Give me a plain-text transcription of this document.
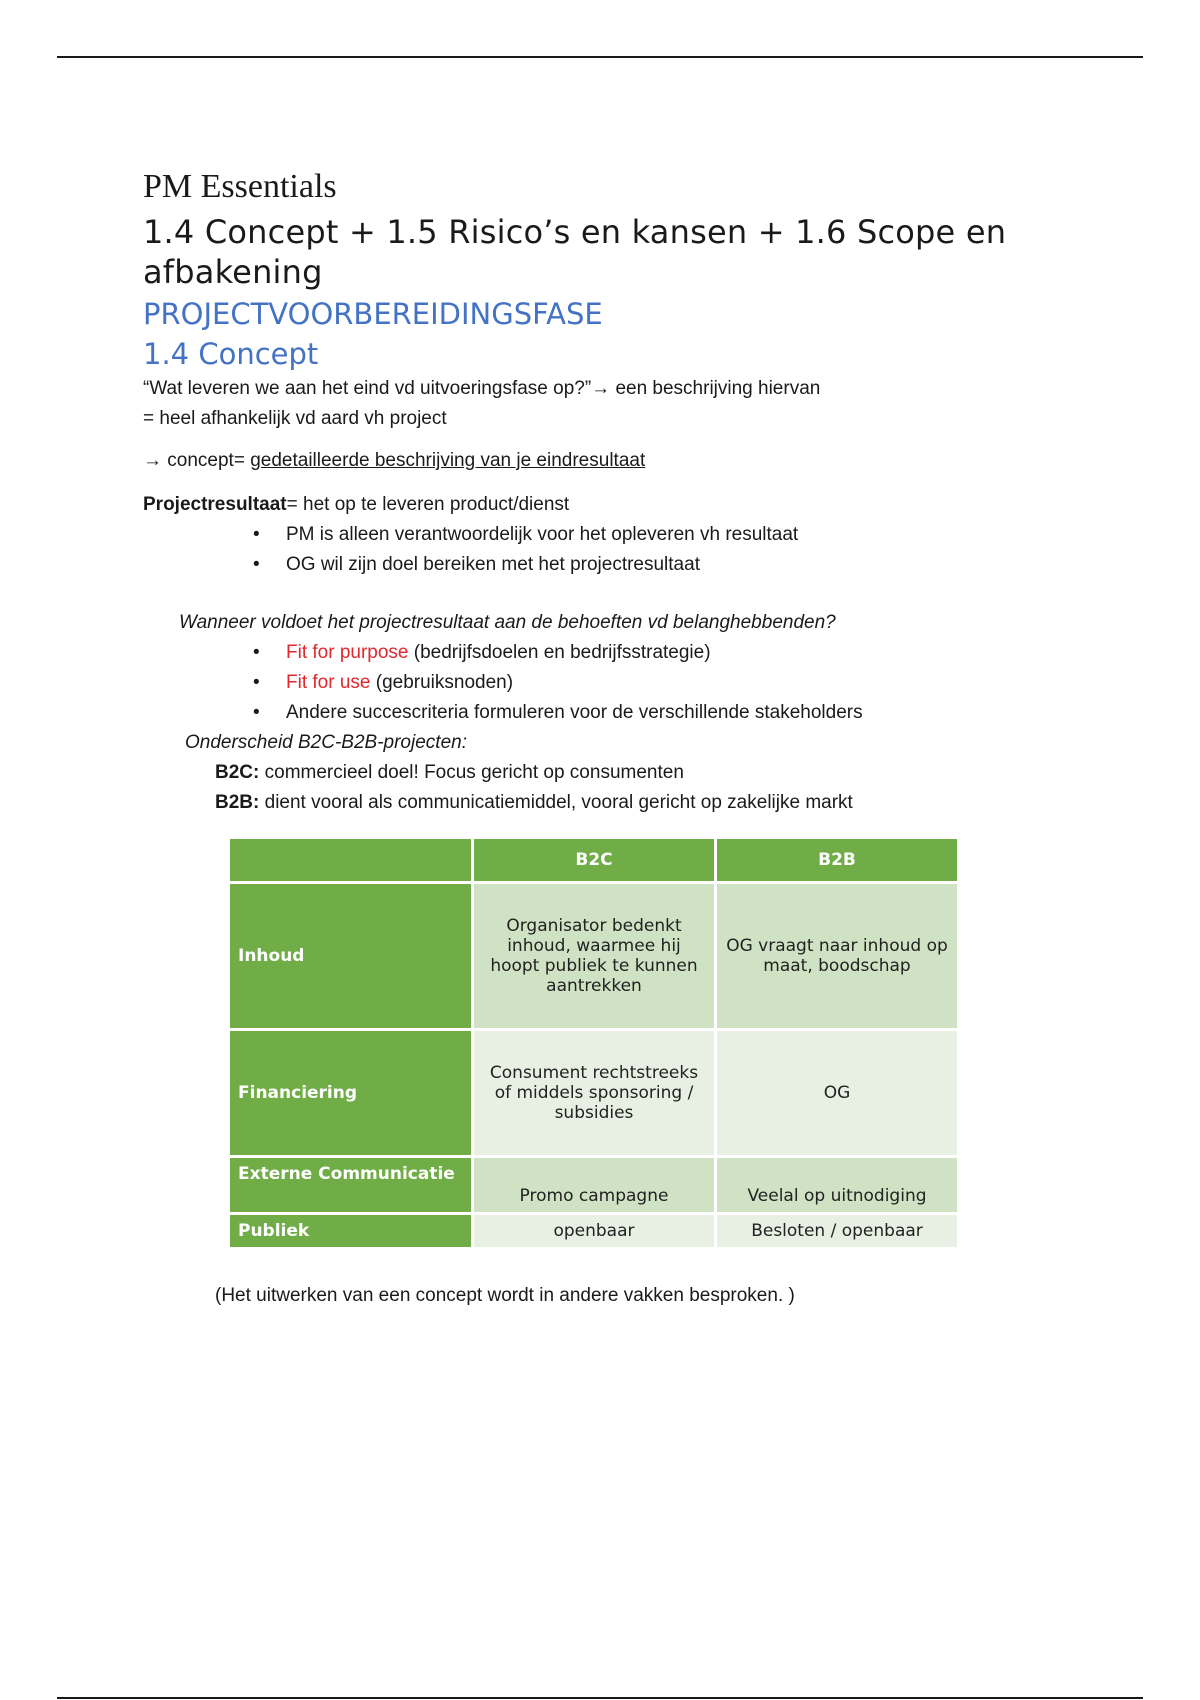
PM Essentials
1.4 Concept + 1.5 Risico’s en kansen + 1.6 Scope en afbakening
PROJECTVOORBEREIDINGSFASE
1.4 Concept

“Wat leveren we aan het eind vd uitvoeringsfase op?”→ een beschrijving hiervan

= heel afhankelijk vd aard vh project

→ concept= gedetailleerde beschrijving van je eindresultaat

Projectresultaat= het op te leveren product/dienst

• PM is alleen verantwoordelijk voor het opleveren vh resultaat
• OG wil zijn doel bereiken met het projectresultaat

Wanneer voldoet het projectresultaat aan de behoeften vd belanghebbenden?

• Fit for purpose (bedrijfsdoelen en bedrijfsstrategie)
• Fit for use (gebruiksnoden)
• Andere succescriteria formuleren voor de verschillende stakeholders

Onderscheid B2C-B2B-projecten:

B2C: commercieel doel! Focus gericht op consumenten

B2B: dient vooral als communicatiemiddel, vooral gericht op zakelijke markt

	B2C	B2B
Inhoud	Organisator bedenkt inhoud, waarmee hij hoopt publiek te kunnen aantrekken	OG vraagt naar inhoud op maat, boodschap
Financiering	Consument rechtstreeks of middels sponsoring / subsidies	OG
Externe Communicatie	Promo campagne	Veelal op uitnodiging
Publiek	openbaar	Besloten / openbaar

(Het uitwerken van een concept wordt in andere vakken besproken. )
